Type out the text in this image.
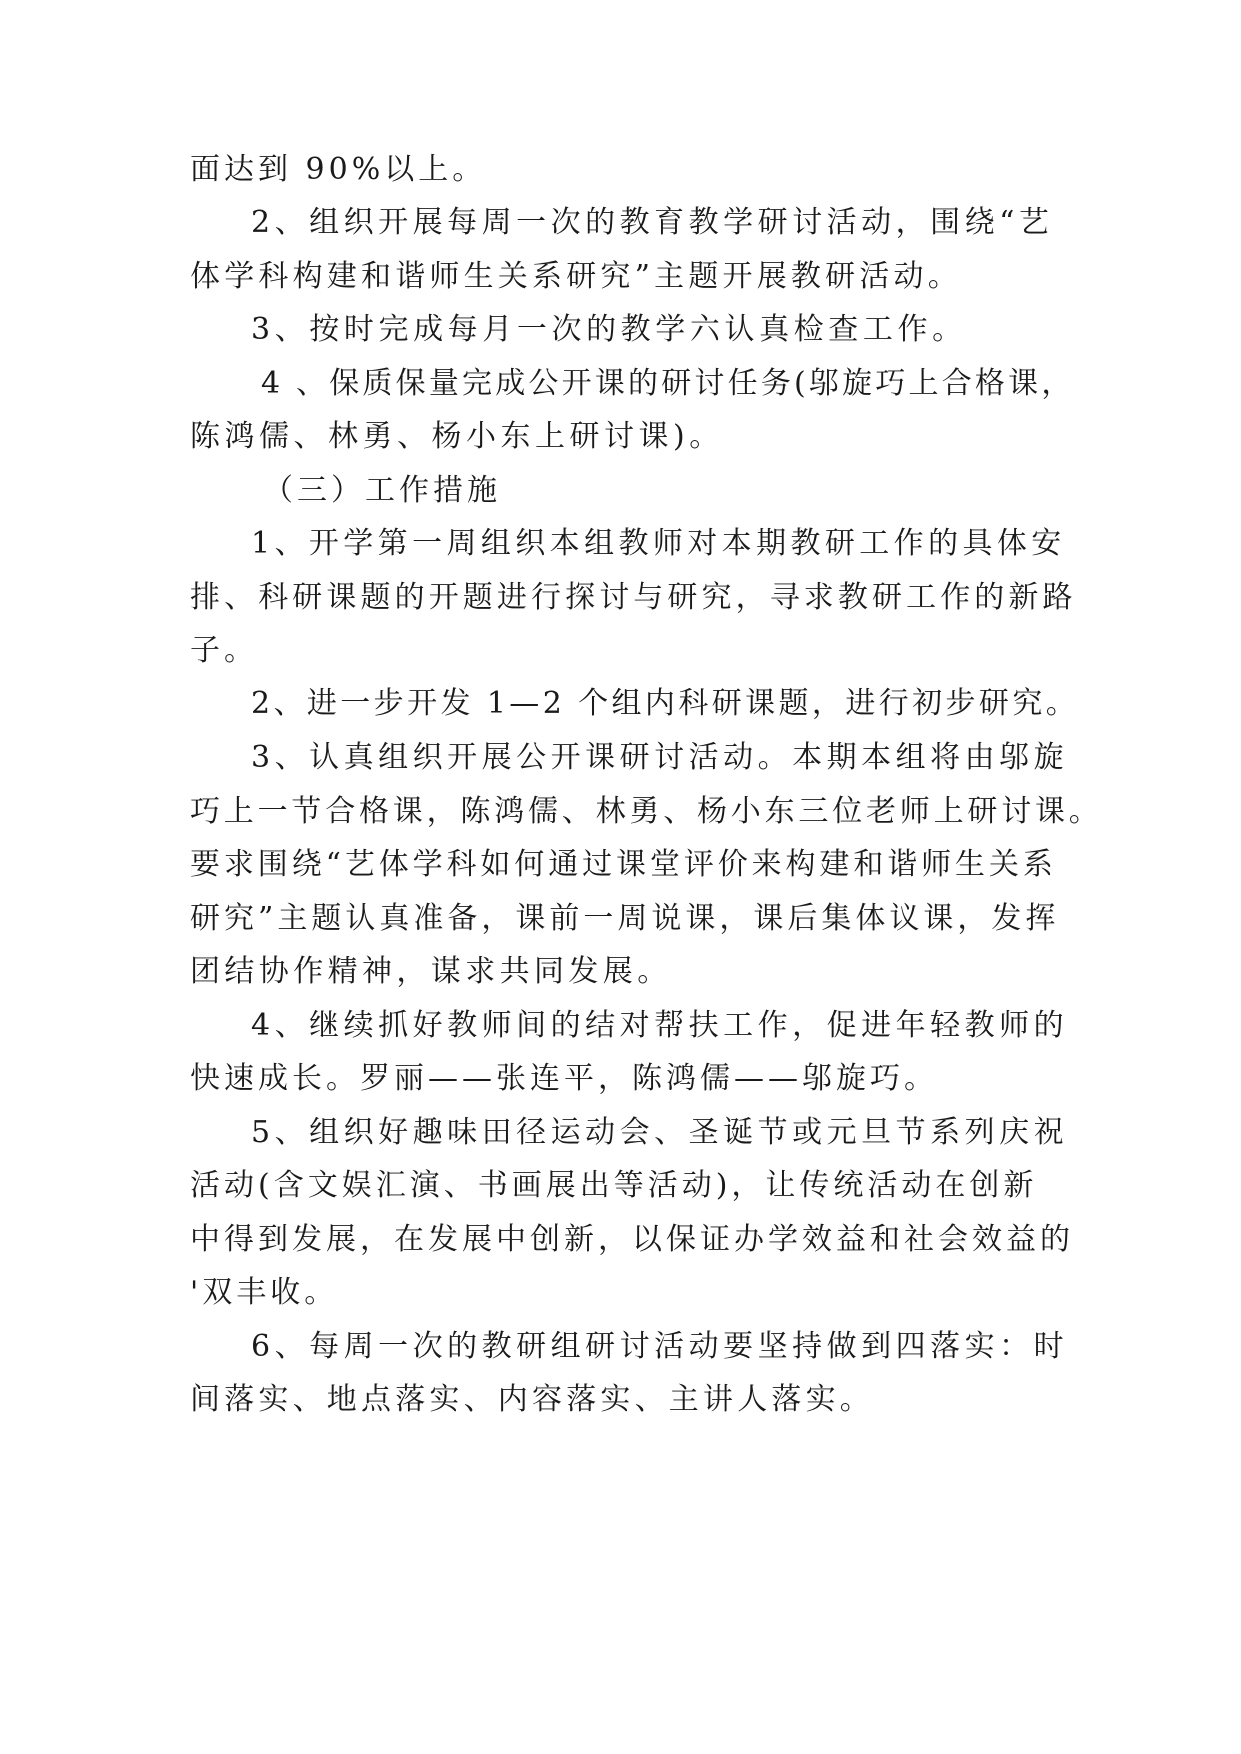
面达到 90%以上。
2、组织开展每周一次的教育教学研讨活动，围绕“艺
体学科构建和谐师生关系研究”主题开展教研活动。
3、按时完成每月一次的教学六认真检查工作。
4 、保质保量完成公开课的研讨任务(邬旋巧上合格课，
陈鸿儒、林勇、杨小东上研讨课)。
（三）工作措施
1、开学第一周组织本组教师对本期教研工作的具体安
排、科研课题的开题进行探讨与研究，寻求教研工作的新路
子。
2、进一步开发 1—2 个组内科研课题，进行初步研究。
3、认真组织开展公开课研讨活动。本期本组将由邬旋
巧上一节合格课，陈鸿儒、林勇、杨小东三位老师上研讨课。
要求围绕“艺体学科如何通过课堂评价来构建和谐师生关系
研究”主题认真准备，课前一周说课，课后集体议课，发挥
团结协作精神，谋求共同发展。
4、继续抓好教师间的结对帮扶工作，促进年轻教师的
快速成长。罗丽——张连平，陈鸿儒——邬旋巧。
5、组织好趣味田径运动会、圣诞节或元旦节系列庆祝
活动(含文娱汇演、书画展出等活动)，让传统活动在创新
中得到发展，在发展中创新，以保证办学效益和社会效益的
'双丰收。
6、每周一次的教研组研讨活动要坚持做到四落实：时
间落实、地点落实、内容落实、主讲人落实。
